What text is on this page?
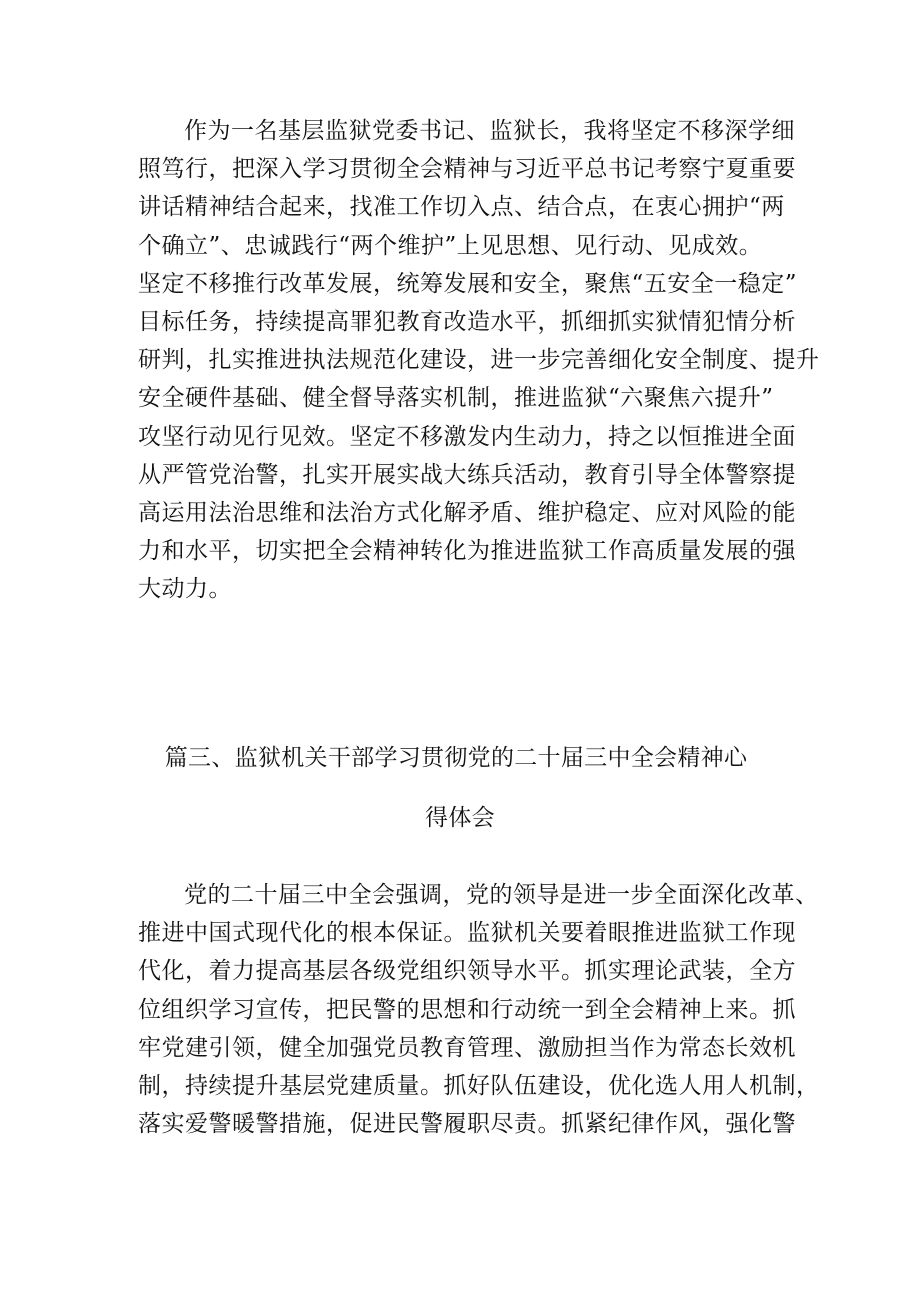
作为一名基层监狱党委书记、监狱长，我将坚定不移深学细
照笃行，把深入学习贯彻全会精神与习近平总书记考察宁夏重要
讲话精神结合起来，找准工作切入点、结合点，在衷心拥护“两
个确立”、忠诚践行“两个维护”上见思想、见行动、见成效。
坚定不移推行改革发展，统筹发展和安全，聚焦“五安全一稳定”
目标任务，持续提高罪犯教育改造水平，抓细抓实狱情犯情分析
研判，扎实推进执法规范化建设，进一步完善细化安全制度、提升
安全硬件基础、健全督导落实机制，推进监狱“六聚焦六提升”
攻坚行动见行见效。坚定不移激发内生动力，持之以恒推进全面
从严管党治警，扎实开展实战大练兵活动，教育引导全体警察提
高运用法治思维和法治方式化解矛盾、维护稳定、应对风险的能
力和水平，切实把全会精神转化为推进监狱工作高质量发展的强
大动力。
篇三、监狱机关干部学习贯彻党的二十届三中全会精神心
得体会
党的二十届三中全会强调，党的领导是进一步全面深化改革、
推进中国式现代化的根本保证。监狱机关要着眼推进监狱工作现
代化，着力提高基层各级党组织领导水平。抓实理论武装，全方
位组织学习宣传，把民警的思想和行动统一到全会精神上来。抓
牢党建引领，健全加强党员教育管理、激励担当作为常态长效机
制，持续提升基层党建质量。抓好队伍建设，优化选人用人机制，
落实爱警暖警措施，促进民警履职尽责。抓紧纪律作风，强化警
